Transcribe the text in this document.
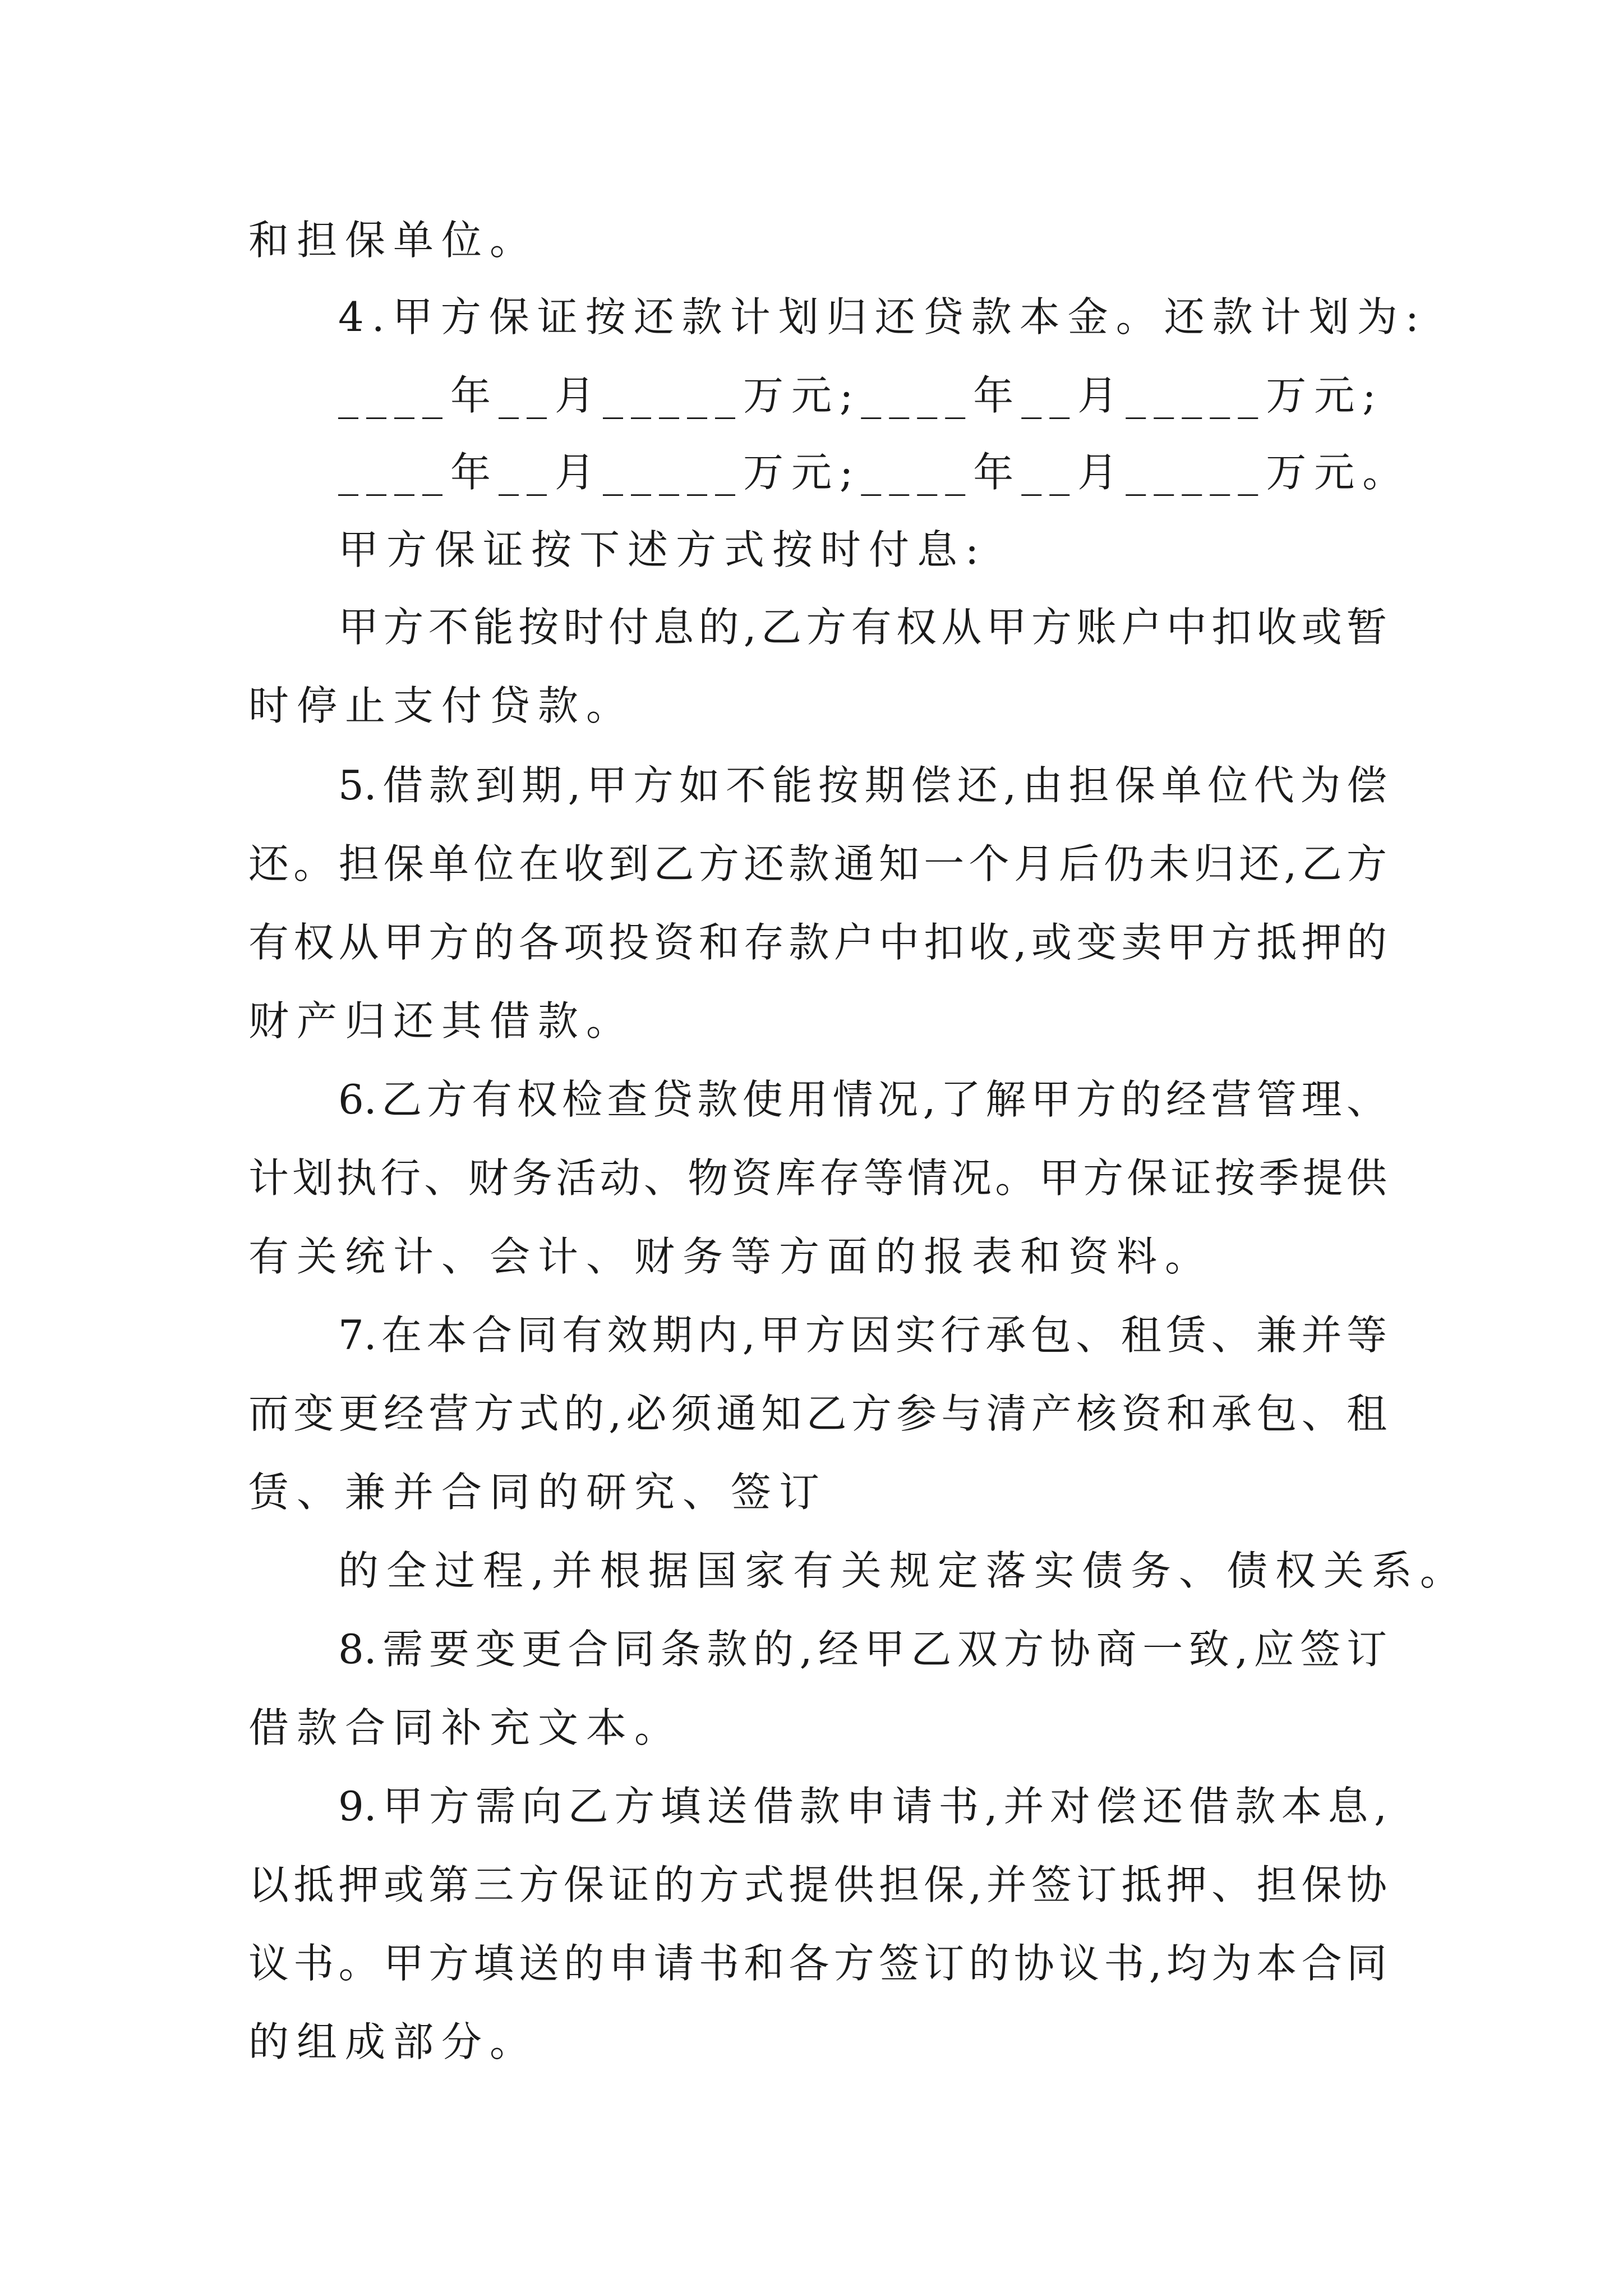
和担保单位。

4.甲方保证按还款计划归还贷款本金。还款计划为:

____年__月_____万元;____年__月_____万元;

____年__月_____万元;____年__月_____万元。

甲方保证按下述方式按时付息:

甲方不能按时付息的,乙方有权从甲方账户中扣收或暂

时停止支付贷款。

5.借款到期,甲方如不能按期偿还,由担保单位代为偿

还。担保单位在收到乙方还款通知一个月后仍未归还,乙方

有权从甲方的各项投资和存款户中扣收,或变卖甲方抵押的

财产归还其借款。

6.乙方有权检查贷款使用情况,了解甲方的经营管理、

计划执行、财务活动、物资库存等情况。甲方保证按季提供

有关统计、会计、财务等方面的报表和资料。

7.在本合同有效期内,甲方因实行承包、租赁、兼并等

而变更经营方式的,必须通知乙方参与清产核资和承包、租

赁、兼并合同的研究、签订

的全过程,并根据国家有关规定落实债务、债权关系。

8.需要变更合同条款的,经甲乙双方协商一致,应签订

借款合同补充文本。

9.甲方需向乙方填送借款申请书,并对偿还借款本息,

以抵押或第三方保证的方式提供担保,并签订抵押、担保协

议书。甲方填送的申请书和各方签订的协议书,均为本合同

的组成部分。
